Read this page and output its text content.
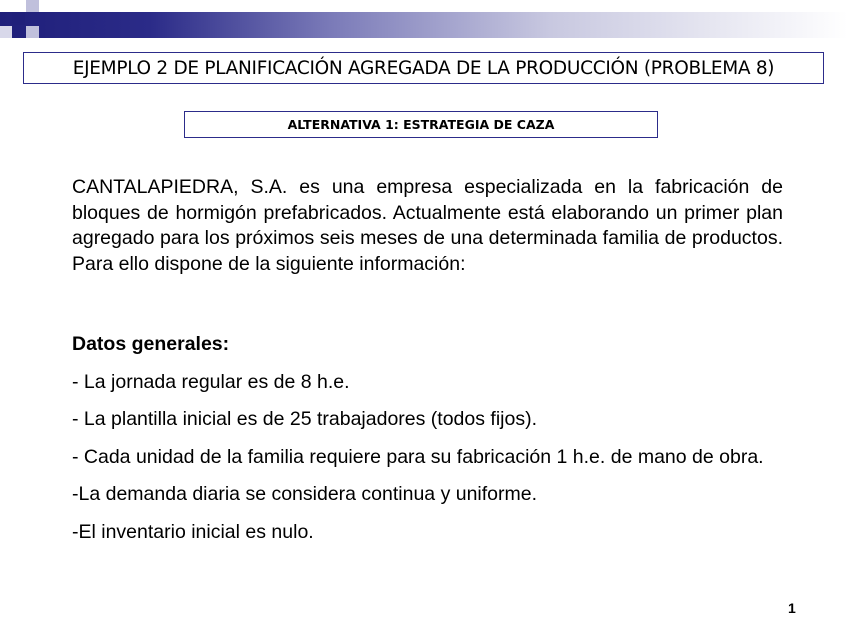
EJEMPLO 2 DE PLANIFICACIÓN AGREGADA DE LA PRODUCCIÓN (PROBLEMA 8)
ALTERNATIVA 1: ESTRATEGIA DE CAZA

CANTALAPIEDRA, S.A. es una empresa especializada en la fabricación de bloques de hormigón prefabricados. Actualmente está elaborando un primer plan agregado para los próximos seis meses de una determinada familia de productos. Para ello dispone de la siguiente información:

Datos generales:

- La jornada regular es de 8 h.e.

- La plantilla inicial es de 25 trabajadores (todos fijos).

- Cada unidad de la familia requiere para su fabricación 1 h.e. de mano de obra.

-La demanda diaria se considera continua y uniforme.

-El inventario inicial es nulo.

1
